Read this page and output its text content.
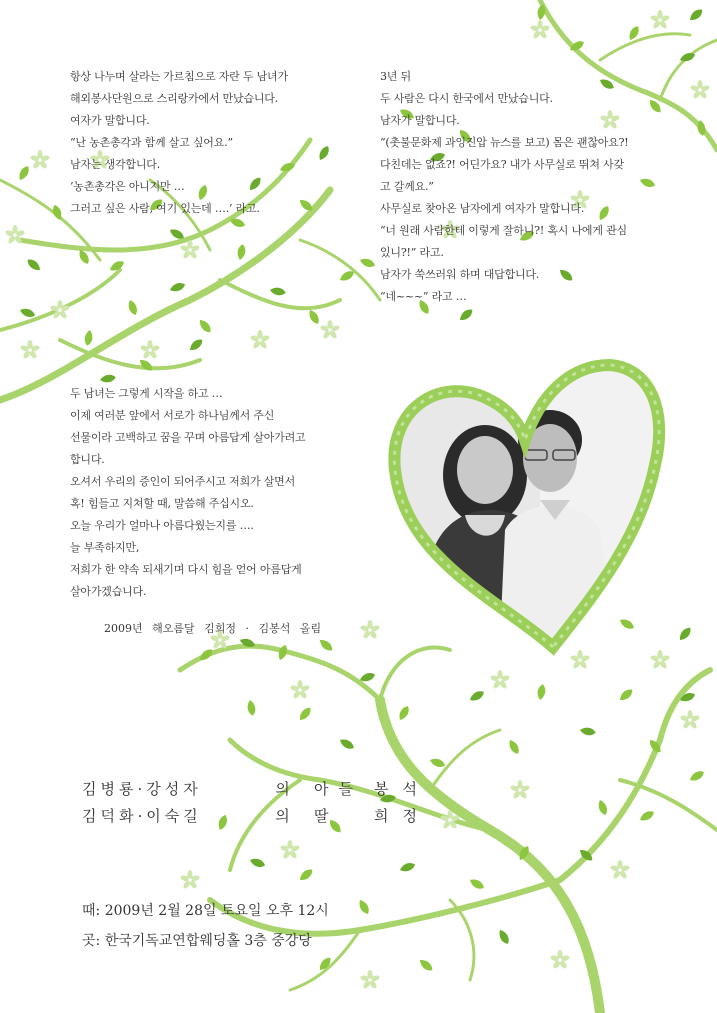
항상 나누며 살라는 가르침으로 자란 두 남녀가

해외봉사단원으로 스리랑카에서 만났습니다.

여자가 말합니다.

“난 농촌총각과 함께 살고 싶어요.”

남자는 생각합니다.

‘농촌총각은 아니지만 …

그러고 싶은 사람, 여기 있는데 ….’ 라고.

3년 뒤

두 사람은 다시 한국에서 만났습니다.

남자가 말합니다.

“(촛불문화제 과잉진압 뉴스를 보고) 몸은 괜찮아요?!

다친데는 없죠?! 어딘가요? 내가 사무실로 뛰쳐 사갖

고 갈께요.”

사무실로 찾아온 남자에게 여자가 말합니다.

“너 원래 사람한테 이렇게 잘하니?! 혹시 나에게 관심

있니?!” 라고.

남자가 쑥쓰러워 하며 대답합니다.

“네~~~” 라고 …

두 남녀는 그렇게 시작을 하고 …

이제 여러분 앞에서 서로가 하나님께서 주신

선물이라 고백하고 꿈을 꾸며 아름답게 살아가려고

합니다.

오셔서 우리의 증인이 되어주시고 저희가 살면서

혹! 힘들고 지쳐할 때, 말씀해 주십시오.

오늘 우리가 얼마나 아름다웠는지를 ….

늘 부족하지만,

저희가 한 약속 되새기며 다시 힘을 얻어 아름답게

살아가겠습니다.

2009년 해오름달 김희정 · 김봉석 올림
김병룡·강성자	의 아들 봉석
김덕화·이숙길	의 딸 희정
때: 2009년 2월 28일 토요일 오후 12시
곳: 한국기독교연합웨딩홀 3층 중강당
